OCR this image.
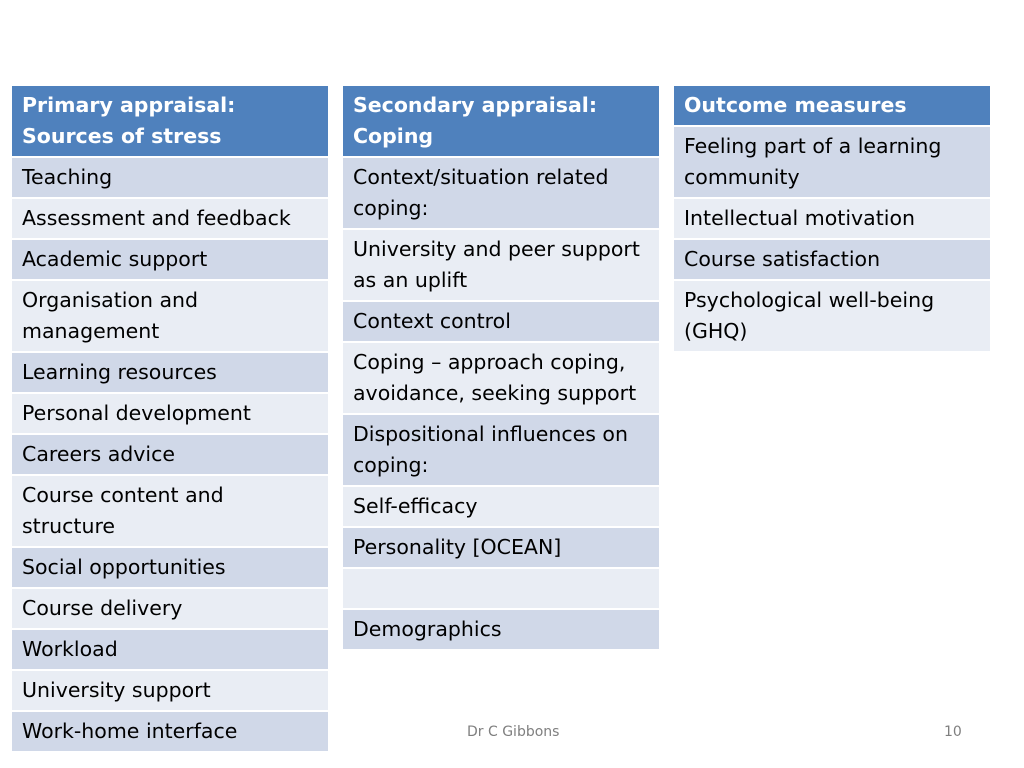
Primary appraisal:
Sources of stress
Teaching
Assessment and feedback
Academic support
Organisation and
management
Learning resources
Personal development
Careers advice
Course content and
structure
Social opportunities
Course delivery
Workload
University support
Work-home interface
Secondary appraisal:
Coping
Context/situation related
coping:
University and peer support
as an uplift
Context control
Coping – approach coping,
avoidance, seeking support
Dispositional influences on
coping:
Self-efficacy
Personality [OCEAN]
Demographics
Outcome measures
Feeling part of a learning
community
Intellectual motivation
Course satisfaction
Psychological well-being
(GHQ)
Dr C Gibbons	10
